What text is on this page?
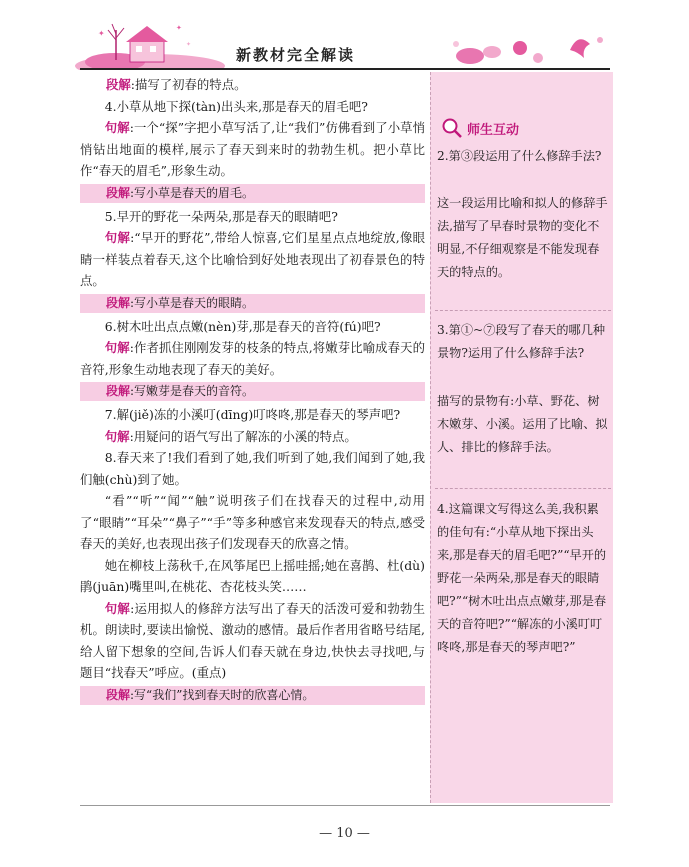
✦
✦
✦
新教材完全解读

段解:描写了初春的特点。

4.小草从地下探(tàn)出头来,那是春天的眉毛吧?

句解:一个“探”字把小草写活了,让“我们”仿佛看到了小草悄悄钻出地面的模样,展示了春天到来时的勃勃生机。把小草比作“春天的眉毛”,形象生动。

段解:写小草是春天的眉毛。

5.早开的野花一朵两朵,那是春天的眼睛吧?

句解:“早开的野花”,带给人惊喜,它们星星点点地绽放,像眼睛一样装点着春天,这个比喻恰到好处地表现出了初春景色的特点。

段解:写小草是春天的眼睛。

6.树木吐出点点嫩(nèn)芽,那是春天的音符(fú)吧?

句解:作者抓住刚刚发芽的枝条的特点,将嫩芽比喻成春天的音符,形象生动地表现了春天的美好。

段解:写嫩芽是春天的音符。

7.解(jiě)冻的小溪叮(dīng)叮咚咚,那是春天的琴声吧?

句解:用疑问的语气写出了解冻的小溪的特点。

8.春天来了!我们看到了她,我们听到了她,我们闻到了她,我们触(chù)到了她。

“看”“听”“闻”“触”说明孩子们在找春天的过程中,动用了“眼睛”“耳朵”“鼻子”“手”等多种感官来发现春天的特点,感受春天的美好,也表现出孩子们发现春天的欣喜之情。

她在柳枝上荡秋千,在风筝尾巴上摇哇摇;她在喜鹊、杜(dù)鹃(juān)嘴里叫,在桃花、杏花枝头笑……

句解:运用拟人的修辞方法写出了春天的活泼可爱和勃勃生机。朗读时,要读出愉悦、激动的感情。最后作者用省略号结尾,给人留下想象的空间,告诉人们春天就在身边,快快去寻找吧,与题目“找春天”呼应。(重点)

段解:写“我们”找到春天时的欣喜心情。
师生互动
2.第③段运用了什么修辞手法?
这一段运用比喻和拟人的修辞手法,描写了早春时景物的变化不明显,不仔细观察是不能发现春天的特点的。
3.第①~⑦段写了春天的哪几种景物?运用了什么修辞手法?
描写的景物有:小草、野花、树木嫩芽、小溪。运用了比喻、拟人、排比的修辞手法。
4.这篇课文写得这么美,我积累的佳句有:“小草从地下探出头来,那是春天的眉毛吧?”“早开的野花一朵两朵,那是春天的眼睛吧?”“树木吐出点点嫩芽,那是春天的音符吧?”“解冻的小溪叮叮咚咚,那是春天的琴声吧?”
— 10 —
